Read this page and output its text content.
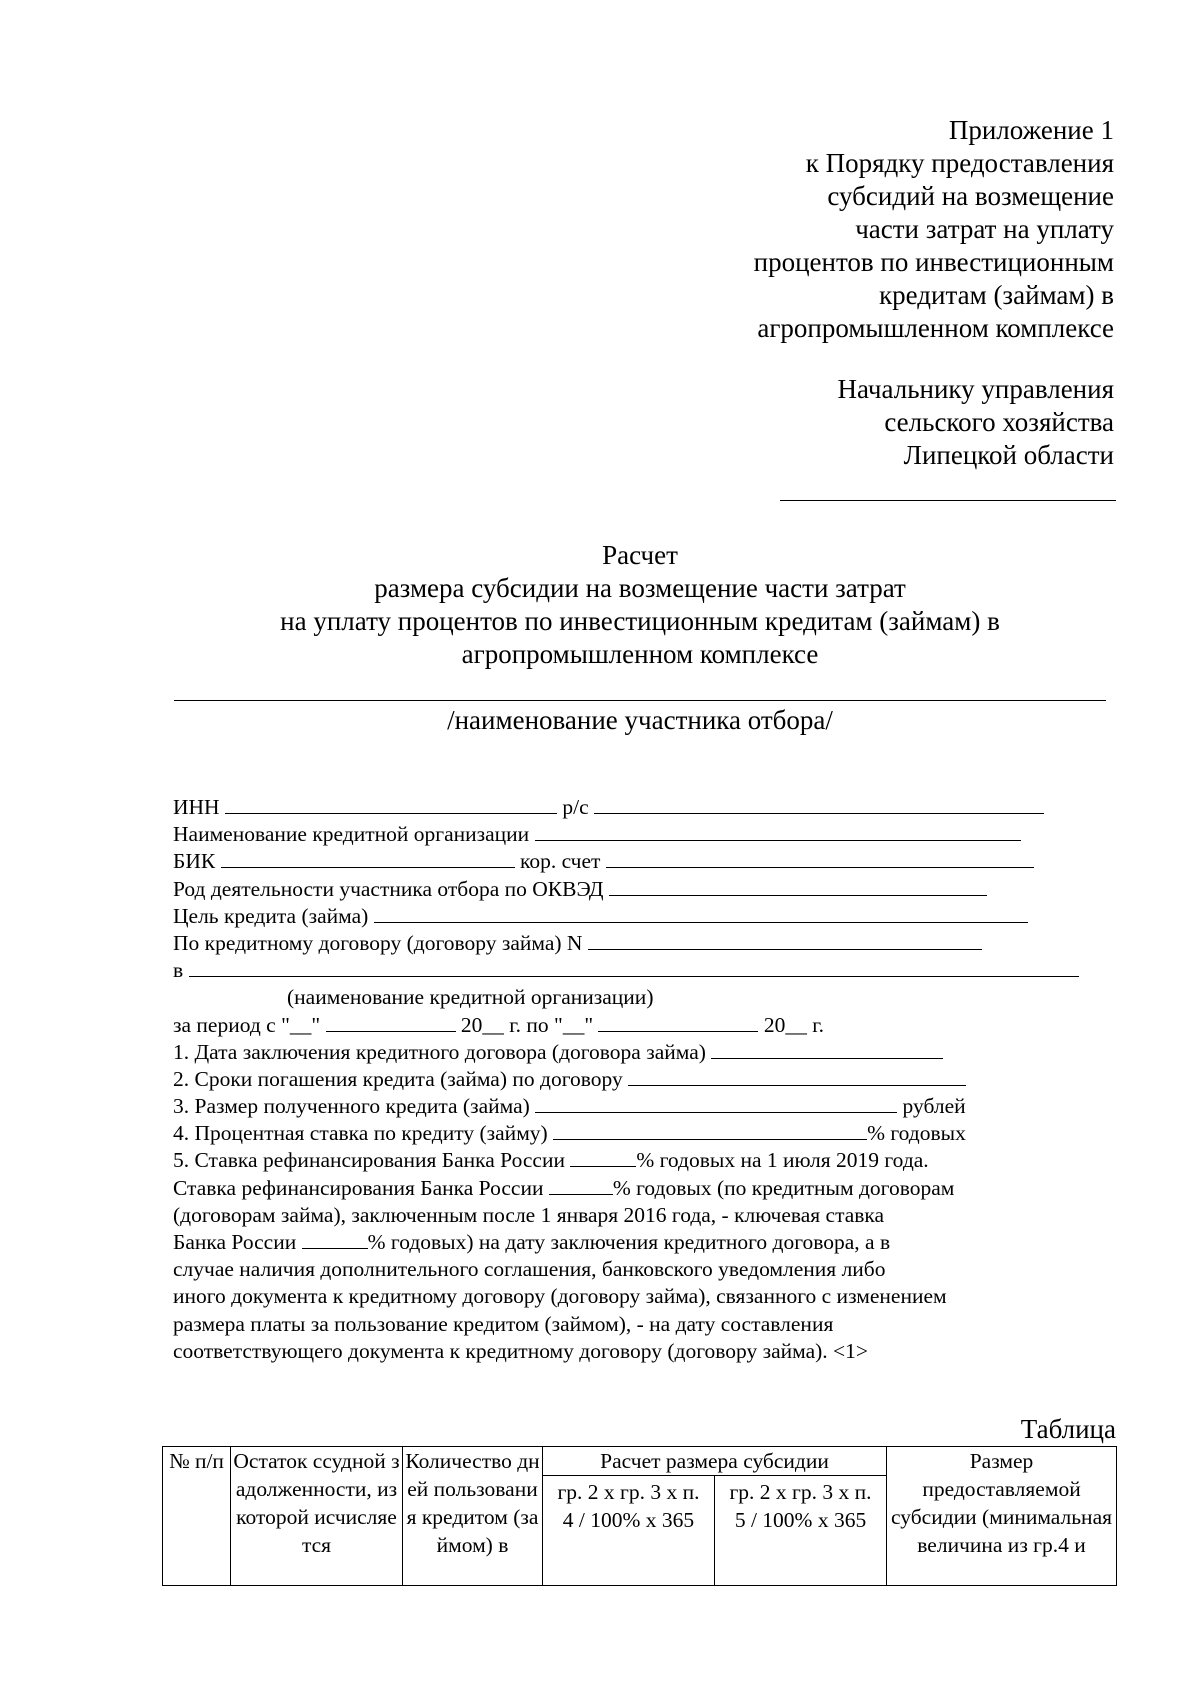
Приложение 1
к Порядку предоставления
субсидий на возмещение
части затрат на уплату
процентов по инвестиционным
кредитам (займам) в
агропромышленном комплексе
Начальнику управления
сельского хозяйства
Липецкой области
Расчет
размера субсидии на возмещение части затрат
на уплату процентов по инвестиционным кредитам (займам) в
агропромышленном комплексе
/наименование участника отбора/
ИНН	р/с
Наименование кредитной организации
БИК	кор. счет
Род деятельности участника отбора по ОКВЭД
Цель кредита (займа)
По кредитному договору (договору займа) N
в
(наименование кредитной организации)
за период с "__"	20__ г. по "__"	20__ г.
1. Дата заключения кредитного договора (договора займа)
2. Сроки погашения кредита (займа) по договору
3. Размер полученного кредита (займа)	рублей
4. Процентная ставка по кредиту (займу)	% годовых
5. Ставка рефинансирования Банка России	% годовых на 1 июля 2019 года.
Ставка рефинансирования Банка России	% годовых (по кредитным договорам
(договорам займа), заключенным после 1 января 2016 года, - ключевая ставка
Банка России	% годовых) на дату заключения кредитного договора, а в
случае наличия дополнительного соглашения, банковского уведомления либо
иного документа к кредитному договору (договору займа), связанного с изменением
размера платы за пользование кредитом (займом), - на дату составления
соответствующего документа к кредитному договору (договору займа). <1>
Таблица
№ п/п	Остаток ссудной задолженности, из которой исчисляется	Количество дней пользования кредитом (займом) в	Расчет размера субсидии		Размер предоставляемой субсидии (минимальная величина из гр.4 и

			гр. 2 х гр. 3 х п. 4 / 100% х 365	гр. 2 х гр. 3 х п. 5 / 100% х 365	
